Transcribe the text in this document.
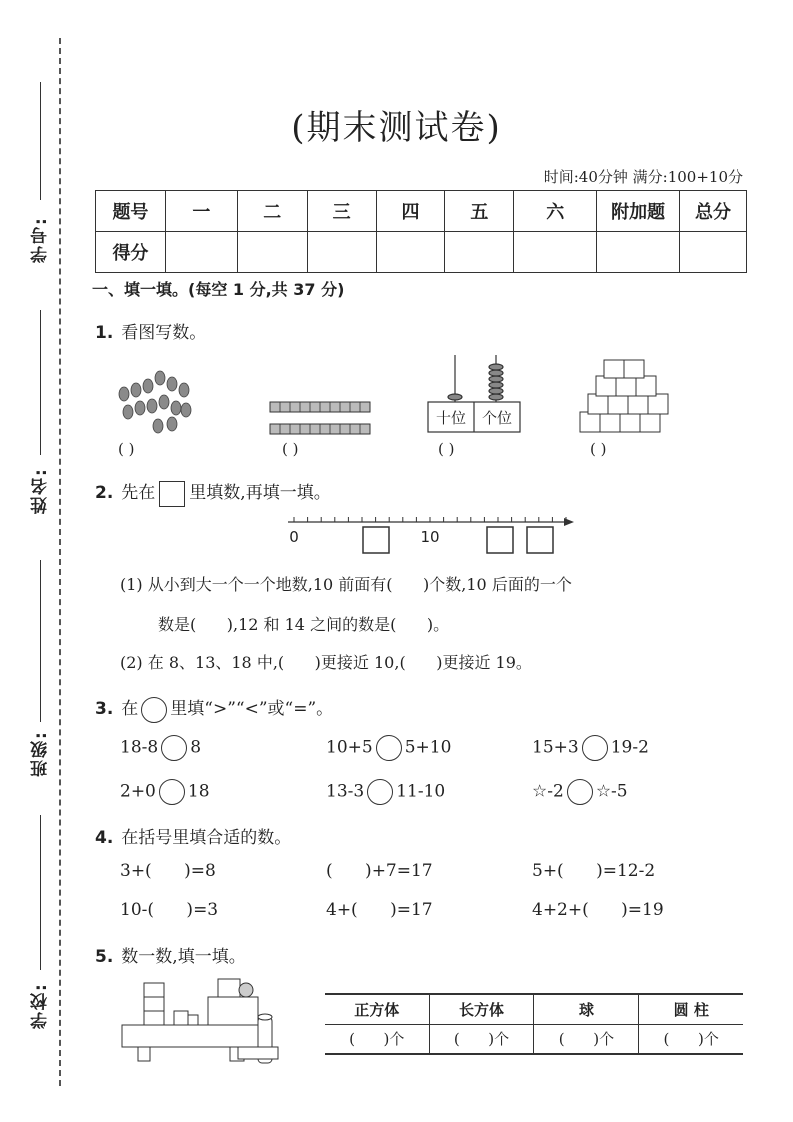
学号:
姓名:
班级:
学校:
(期末测试卷)
时间:40分钟 满分:100+10分
题号	一	二	三	四	五	六	附加题	总分
得分								
一、填一填。(每空 1 分,共 37 分)
1. 看图写数。
十位 个位
( )	( )	( )	( )
2. 先在 里填数,再填一填。
0	10
(1) 从小到大一个一个地数,10 前面有(      )个数,10 后面的一个
数是(      ),12 和 14 之间的数是(      )。
(2) 在 8、13、18 中,(      )更接近 10,(      )更接近 19。
3. 在 里填“>”“<”或“=”。
18-8 8	10+5 5+10	15+3 19-2
2+0 18	13-3 11-10	☆-2 ☆-5
4. 在括号里填合适的数。
3+(      )=8	(      )+7=17	5+(      )=12-2
10-(      )=3	4+(      )=17	4+2+(      )=19
5. 数一数,填一填。
正方体	长方体	球	圆 柱
(      )个	(      )个	(      )个	(      )个
